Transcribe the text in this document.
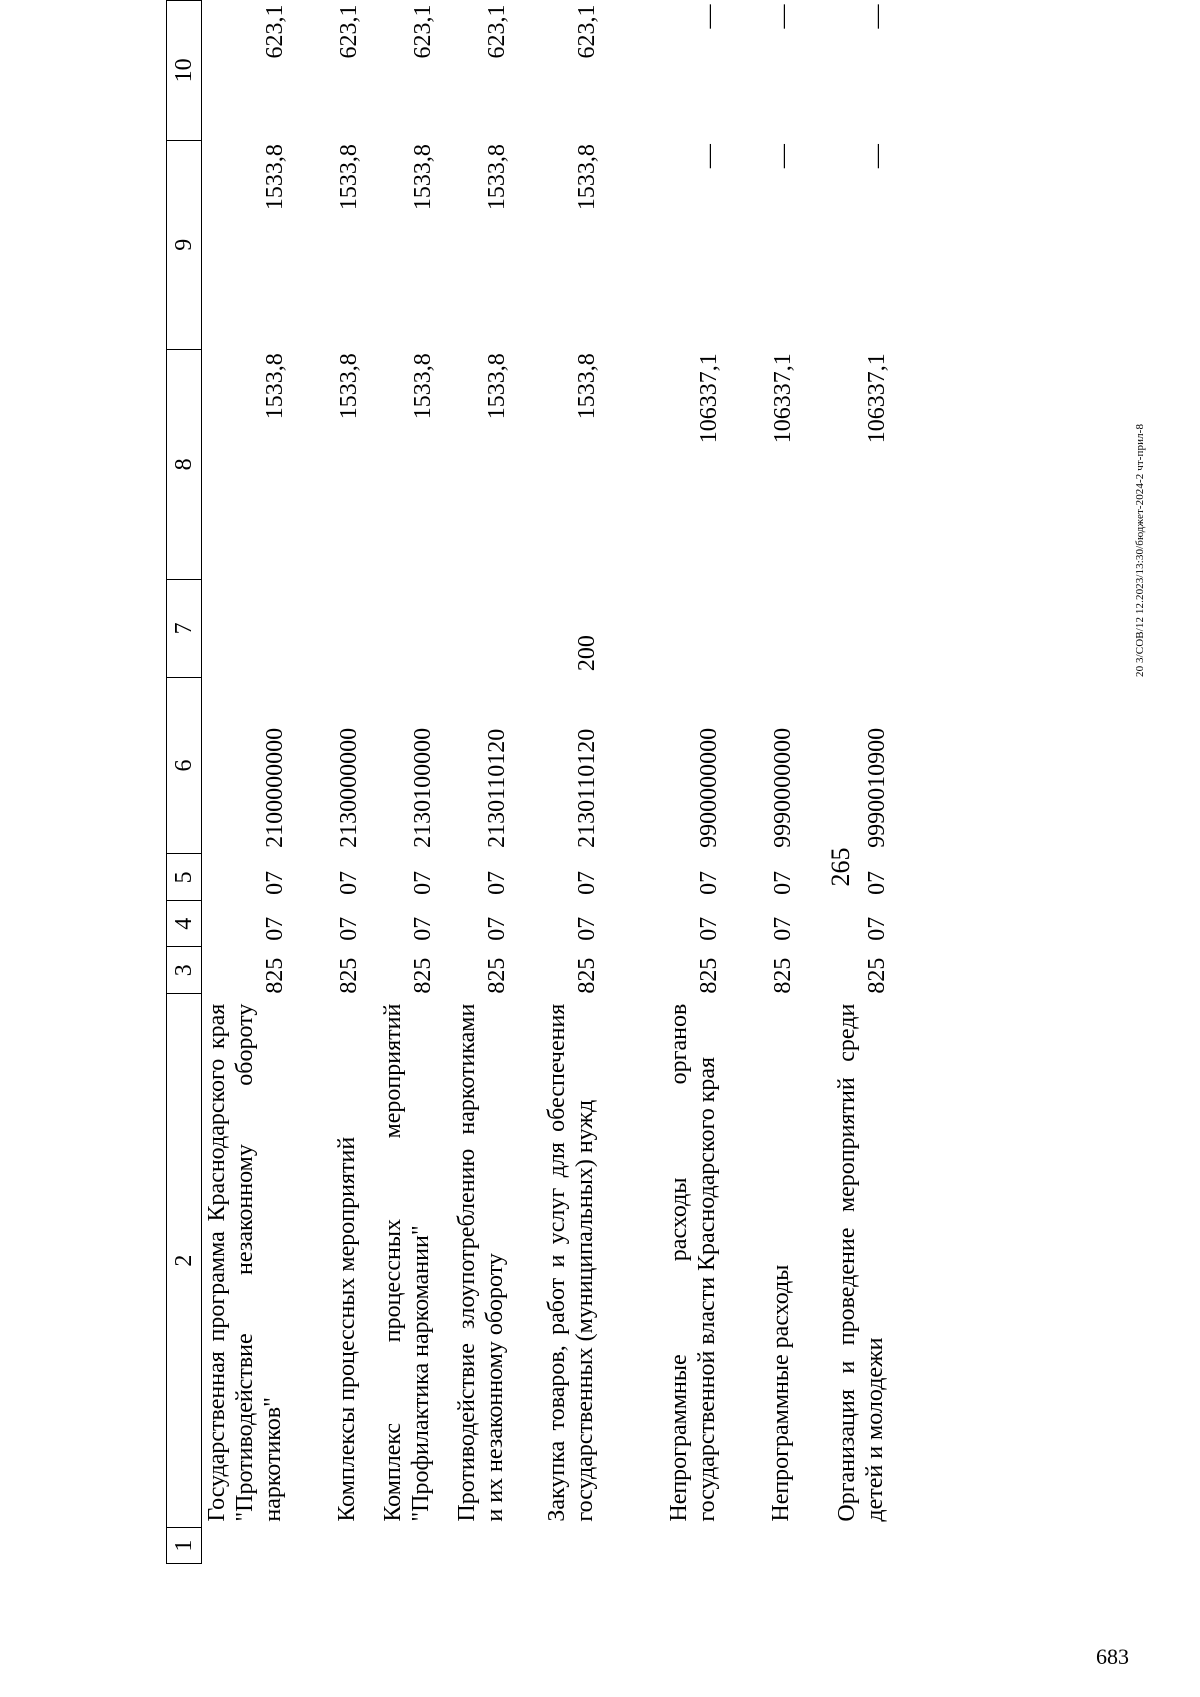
265
1	2	3	4	5	6	7	8	9	10
	Государственная программа Краснодарского края "Противодействие незаконному обороту наркотиков"	825	07	07	2100000000		1533,8	1533,8	623,1
	Комплексы процессных мероприятий	825	07	07	2130000000		1533,8	1533,8	623,1
	Комплекс процессных мероприятий "Профилактика наркомании"	825	07	07	2130100000		1533,8	1533,8	623,1
	Противодействие злоупотреблению наркотиками и их незаконному обороту	825	07	07	2130110120		1533,8	1533,8	623,1
	Закупка товаров, работ и услуг для обеспечения государственных (муниципальных) нужд	825	07	07	2130110120	200	1533,8	1533,8	623,1
	Непрограммные расходы органов государственной власти Краснодарского края	825	07	07	9900000000		106337,1	—	—
	Непрограммные расходы	825	07	07	9990000000		106337,1	—	—
	Организация и проведение мероприятий среди детей и молодежи	825	07	07	9990010900		106337,1	—	—
20 3/СОВ/12 12.2023/13:30/бюджет-2024-2 чт-прил-8
683
